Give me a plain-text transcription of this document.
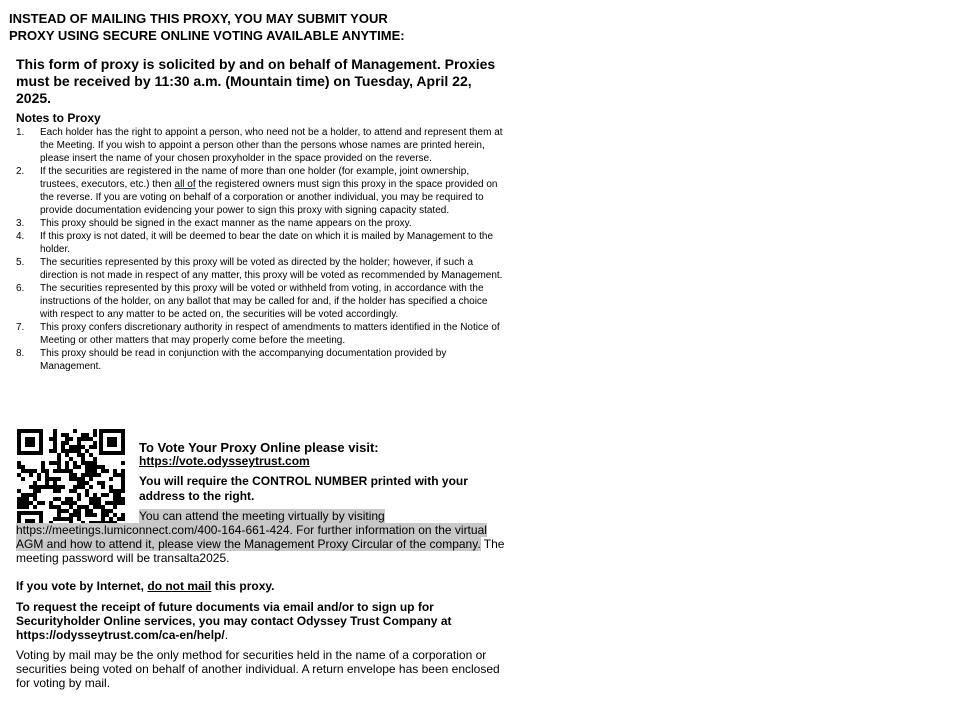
INSTEAD OF MAILING THIS PROXY, YOU MAY SUBMIT YOUR
PROXY USING SECURE ONLINE VOTING AVAILABLE ANYTIME:
This form of proxy is solicited by and on behalf of Management. Proxies must be received by 11:30 a.m. (Mountain time) on Tuesday, April 22, 2025.
Notes to Proxy
1. Each holder has the right to appoint a person, who need not be a holder, to attend and represent them at the Meeting. If you wish to appoint a person other than the persons whose names are printed herein, please insert the name of your chosen proxyholder in the space provided on the reverse.
2. If the securities are registered in the name of more than one holder (for example, joint ownership, trustees, executors, etc.) then all of the registered owners must sign this proxy in the space provided on the reverse. If you are voting on behalf of a corporation or another individual, you may be required to provide documentation evidencing your power to sign this proxy with signing capacity stated.
3. This proxy should be signed in the exact manner as the name appears on the proxy.
4. If this proxy is not dated, it will be deemed to bear the date on which it is mailed by Management to the holder.
5. The securities represented by this proxy will be voted as directed by the holder; however, if such a direction is not made in respect of any matter, this proxy will be voted as recommended by Management.
6. The securities represented by this proxy will be voted or withheld from voting, in accordance with the instructions of the holder, on any ballot that may be called for and, if the holder has specified a choice with respect to any matter to be acted on, the securities will be voted accordingly.
7. This proxy confers discretionary authority in respect of amendments to matters identified in the Notice of Meeting or other matters that may properly come before the meeting.
8. This proxy should be read in conjunction with the accompanying documentation provided by Management.
To Vote Your Proxy Online please visit:
https://vote.odysseytrust.com
You will require the CONTROL NUMBER printed with your address to the right.
You can attend the meeting virtually by visiting https://meetings.lumiconnect.com/400-164-661-424. For further information on the virtual AGM and how to attend it, please view the Management Proxy Circular of the company. The meeting password will be transalta2025.
If you vote by Internet, do not mail this proxy.
To request the receipt of future documents via email and/or to sign up for Securityholder Online services, you may contact Odyssey Trust Company at https://odysseytrust.com/ca-en/help/.
Voting by mail may be the only method for securities held in the name of a corporation or securities being voted on behalf of another individual. A return envelope has been enclosed for voting by mail.
